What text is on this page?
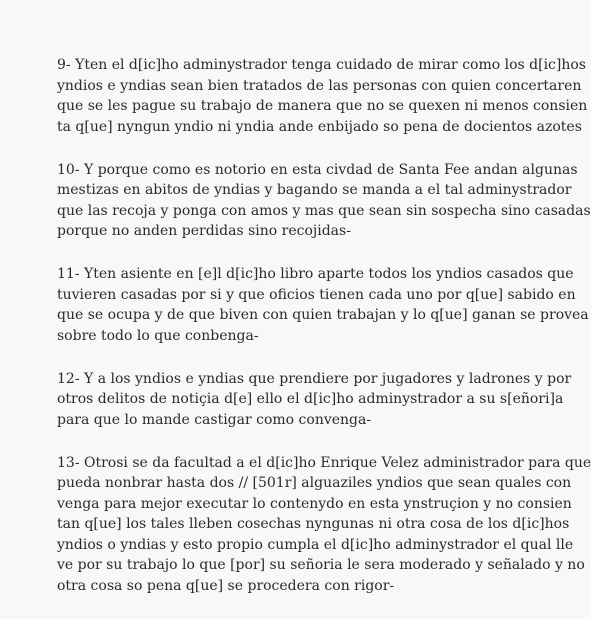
9- Yten el d[ic]ho adminystrador tenga cuidado de mirar como los d[ic]hos
yndios e yndias sean bien tratados de las personas con quien concertaren
que se les pague su trabajo de manera que no se quexen ni menos consien
ta q[ue] nyngun yndio ni yndia ande enbijado so pena de docientos azotes
10- Y porque como es notorio en esta civdad de Santa Fee andan algunas
mestizas en abitos de yndias y bagando se manda a el tal adminystrador
que las recoja y ponga con amos y mas que sean sin sospecha sino casadas
porque no anden perdidas sino recojidas-
11- Yten asiente en [e]l d[ic]ho libro aparte todos los yndios casados que
tuvieren casadas por si y que oficios tienen cada uno por q[ue] sabido en
que se ocupa y de que biven con quien trabajan y lo q[ue] ganan se provea
sobre todo lo que conbenga-
12- Y a los yndios e yndias que prendiere por jugadores y ladrones y por
otros delitos de notiçia d[e] ello el d[ic]ho adminystrador a su s[eñori]a
para que lo mande castigar como convenga-
13- Otrosi se da facultad a el d[ic]ho Enrique Velez administrador para que
pueda nonbrar hasta dos // [501r] alguaziles yndios que sean quales con
venga para mejor executar lo contenydo en esta ynstruçion y no consien
tan q[ue] los tales lleben cosechas nyngunas ni otra cosa de los d[ic]hos
yndios o yndias y esto propio cumpla el d[ic]ho adminystrador el qual lle
ve por su trabajo lo que [por] su señoria le sera moderado y señalado y no
otra cosa so pena q[ue] se procedera con rigor-
